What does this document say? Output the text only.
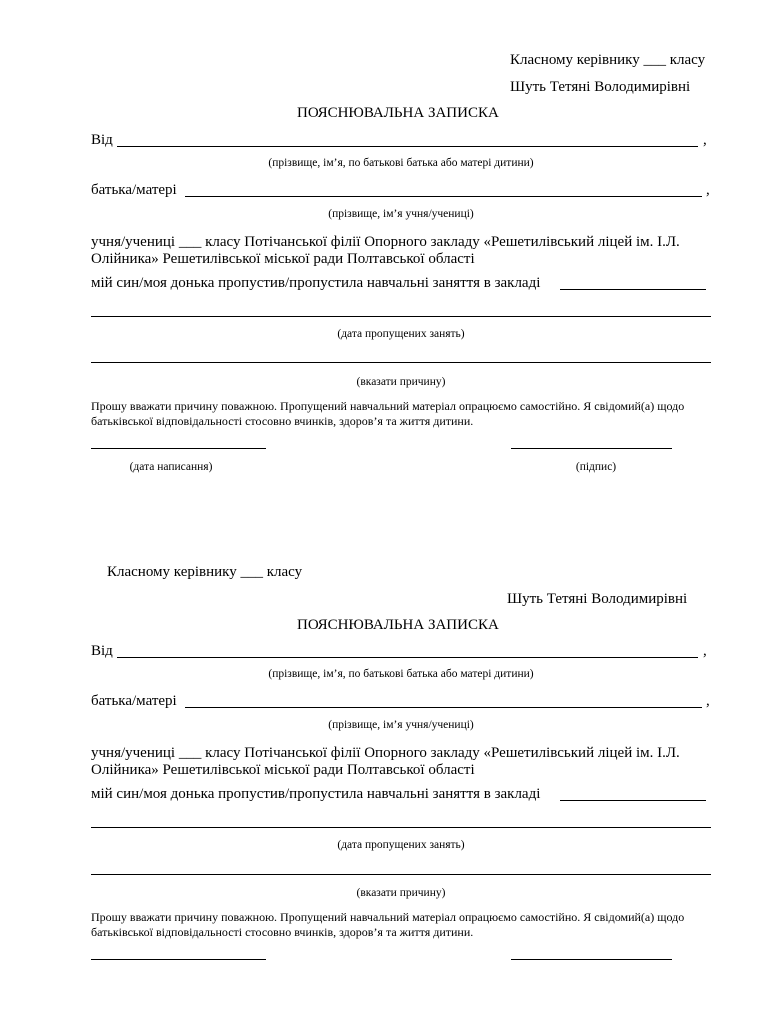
Класному керівнику ___ класу
Шуть Тетяні Володимирівні
ПОЯСНЮВАЛЬНА ЗАПИСКА
Від	,
(прізвище, ім’я, по батькові батька або матері дитини)
батька/матері	,
(прізвище, ім’я учня/учениці)
учня/учениці ___ класу Потічанської філії Опорного закладу «Решетилівський ліцей ім. І.Л. Олійника» Решетилівської міської ради Полтавської області
мій син/моя донька пропустив/пропустила навчальні заняття в закладі
(дата пропущених занять)
(вказати причину)
Прошу вважати причину поважною. Пропущений навчальний матеріал опрацюємо самостійно. Я свідомий(а) щодо батьківської відповідальності стосовно вчинків, здоров’я та життя дитини.
(дата написання)	(підпис)
Класному керівнику ___ класу
Шуть Тетяні Володимирівні
ПОЯСНЮВАЛЬНА ЗАПИСКА
Від	,
(прізвище, ім’я, по батькові батька або матері дитини)
батька/матері	,
(прізвище, ім’я учня/учениці)
учня/учениці ___ класу Потічанської філії Опорного закладу «Решетилівський ліцей ім. І.Л. Олійника» Решетилівської міської ради Полтавської області
мій син/моя донька пропустив/пропустила навчальні заняття в закладі
(дата пропущених занять)
(вказати причину)
Прошу вважати причину поважною. Пропущений навчальний матеріал опрацюємо самостійно. Я свідомий(а) щодо батьківської відповідальності стосовно вчинків, здоров’я та життя дитини.
